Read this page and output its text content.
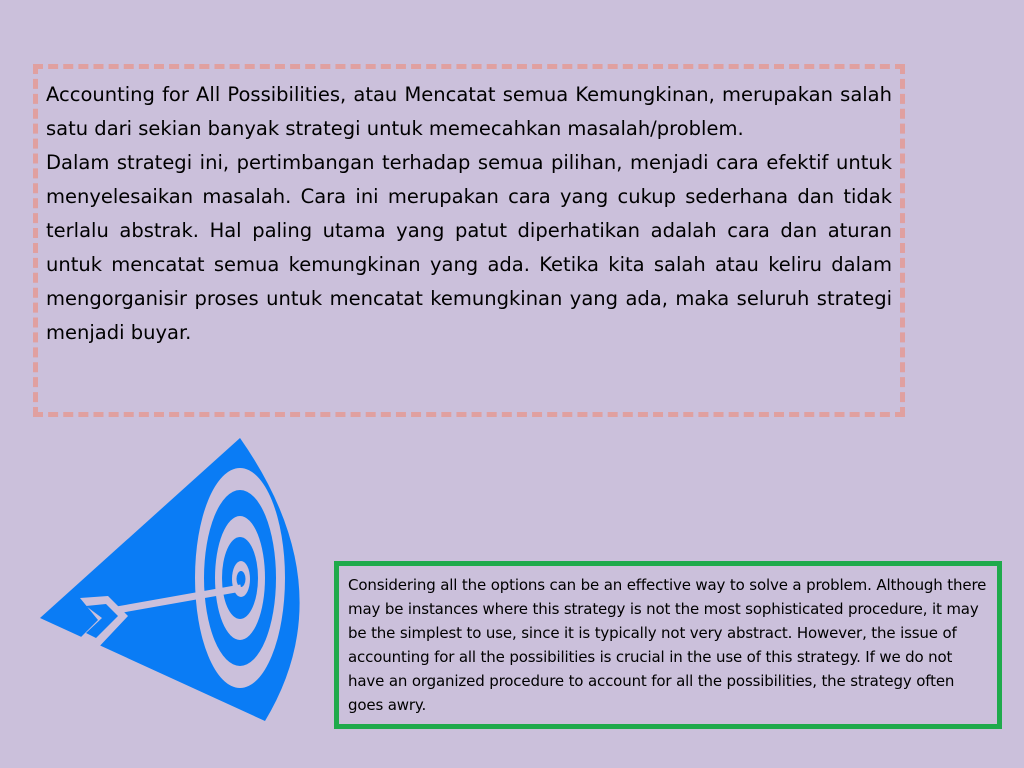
Accounting for All Possibilities, atau Mencatat semua Kemungkinan, merupakan salah satu dari sekian banyak strategi untuk memecahkan masalah/problem.

Dalam strategi ini, pertimbangan terhadap semua pilihan, menjadi cara efektif untuk menyelesaikan masalah. Cara ini merupakan cara yang cukup sederhana dan tidak terlalu abstrak. Hal paling utama yang patut diperhatikan adalah cara dan aturan untuk mencatat semua kemungkinan yang ada. Ketika kita salah atau keliru dalam mengorganisir proses untuk mencatat kemungkinan yang ada, maka seluruh strategi menjadi buyar.

Considering all the options can be an effective way to solve a problem. Although there may be instances where this strategy is not the most sophisticated procedure, it may be the simplest to use, since it is typically not very abstract. However, the issue of accounting for all the possibilities is crucial in the use of this strategy. If we do not have an organized procedure to account for all the possibilities, the strategy often goes awry.
